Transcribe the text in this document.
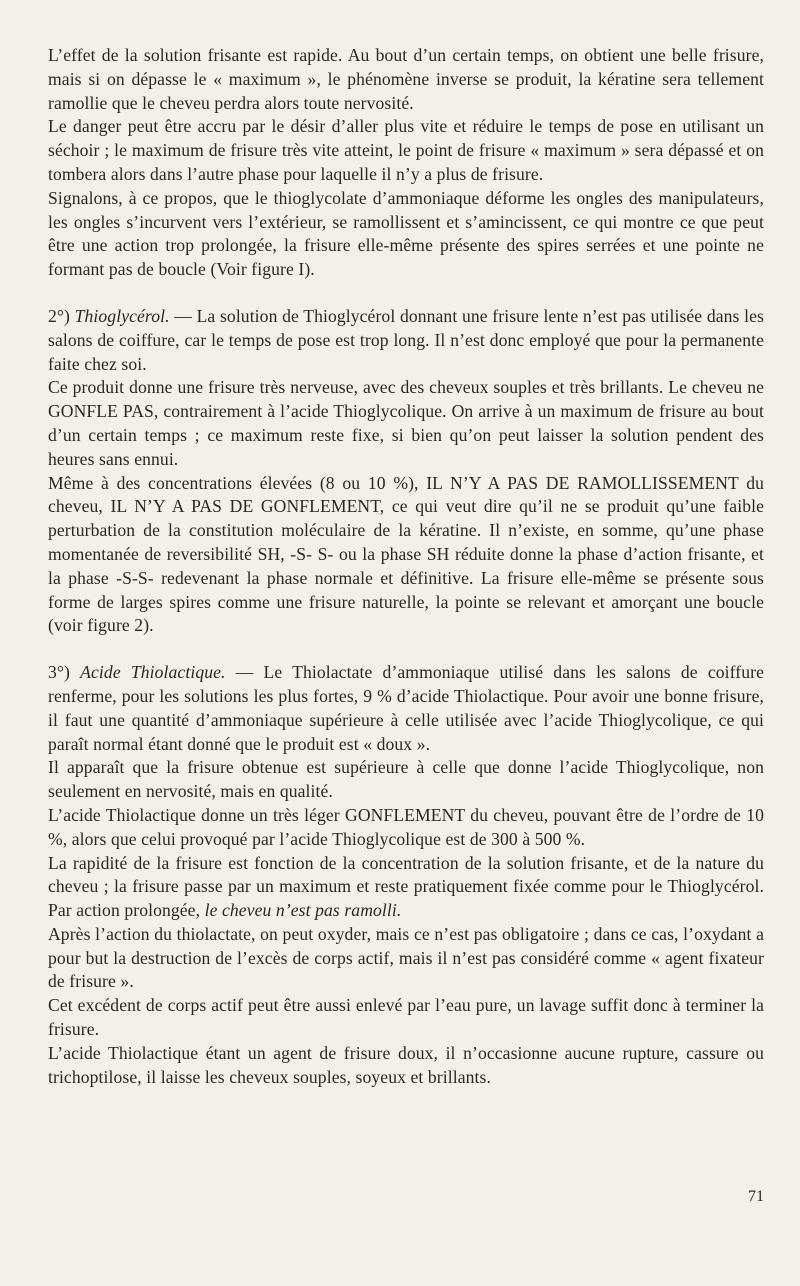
L’effet de la solution frisante est rapide. Au bout d’un certain temps, on obtient une belle frisure, mais si on dépasse le « maximum », le phénomène inverse se produit, la kératine sera tellement ramollie que le cheveu perdra alors toute nervosité.

Le danger peut être accru par le désir d’aller plus vite et réduire le temps de pose en utilisant un séchoir ; le maximum de frisure très vite atteint, le point de frisure « maximum » sera dépassé et on tombera alors dans l’autre phase pour laquelle il n’y a plus de frisure.

Signalons, à ce propos, que le thioglycolate d’ammoniaque déforme les ongles des manipulateurs, les ongles s’incurvent vers l’extérieur, se ramollissent et s’amincissent, ce qui montre ce que peut être une action trop prolongée, la frisure elle-même présente des spires serrées et une pointe ne formant pas de boucle (Voir figure I).

2°) Thioglycérol. — La solution de Thioglycérol donnant une frisure lente n’est pas utilisée dans les salons de coiffure, car le temps de pose est trop long. Il n’est donc employé que pour la permanente faite chez soi.

Ce produit donne une frisure très nerveuse, avec des cheveux souples et très brillants. Le cheveu ne GONFLE PAS, contrairement à l’acide Thioglycolique. On arrive à un maximum de frisure au bout d’un certain temps ; ce maximum reste fixe, si bien qu’on peut laisser la solution pendent des heures sans ennui.

Même à des concentrations élevées (8 ou 10 %), IL N’Y A PAS DE RAMOLLISSEMENT du cheveu, IL N’Y A PAS DE GONFLEMENT, ce qui veut dire qu’il ne se produit qu’une faible perturbation de la constitution moléculaire de la kératine. Il n’existe, en somme, qu’une phase momentanée de reversibilité SH, -S- S- ou la phase SH réduite donne la phase d’action frisante, et la phase -S-S- redevenant la phase normale et définitive. La frisure elle-même se présente sous forme de larges spires comme une frisure naturelle, la pointe se relevant et amorçant une boucle (voir figure 2).

3°) Acide Thiolactique. — Le Thiolactate d’ammoniaque utilisé dans les salons de coiffure renferme, pour les solutions les plus fortes, 9 % d’acide Thiolactique. Pour avoir une bonne frisure, il faut une quantité d’ammoniaque supérieure à celle utilisée avec l’acide Thioglycolique, ce qui paraît normal étant donné que le produit est « doux ».

Il apparaît que la frisure obtenue est supérieure à celle que donne l’acide Thioglycolique, non seulement en nervosité, mais en qualité.

L’acide Thiolactique donne un très léger GONFLEMENT du cheveu, pouvant être de l’ordre de 10 %, alors que celui provoqué par l’acide Thioglycolique est de 300 à 500 %.

La rapidité de la frisure est fonction de la concentration de la solution frisante, et de la nature du cheveu ; la frisure passe par un maximum et reste pratiquement fixée comme pour le Thioglycérol. Par action prolongée, le cheveu n’est pas ramolli.

Après l’action du thiolactate, on peut oxyder, mais ce n’est pas obligatoire ; dans ce cas, l’oxydant a pour but la destruction de l’excès de corps actif, mais il n’est pas considéré comme « agent fixateur de frisure ».

Cet excédent de corps actif peut être aussi enlevé par l’eau pure, un lavage suffit donc à terminer la frisure.

L’acide Thiolactique étant un agent de frisure doux, il n’occasionne aucune rupture, cassure ou trichoptilose, il laisse les cheveux souples, soyeux et brillants.

71
